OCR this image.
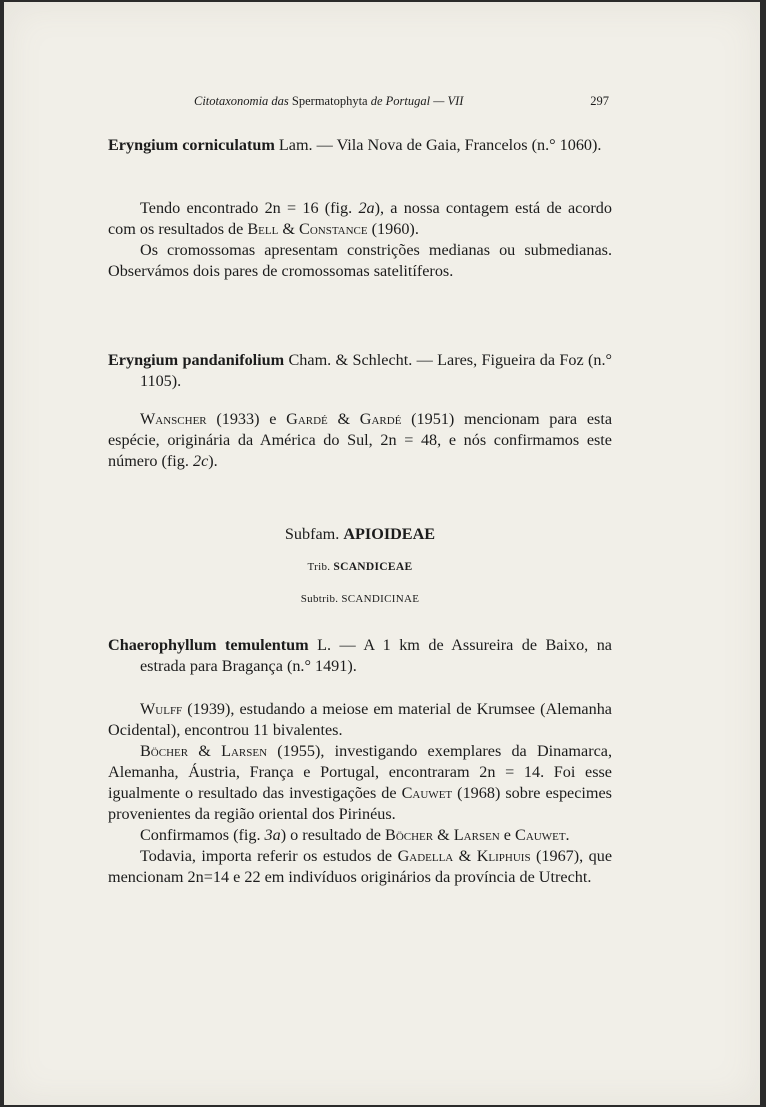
Citotaxonomia das Spermatophyta de Portugal — VII	297

Eryngium corniculatum Lam. — Vila Nova de Gaia, Francelos (n.° 1060).

Tendo encontrado 2n = 16 (fig. 2a), a nossa contagem está de acordo com os resultados de Bell & Constance (1960).

Os cromossomas apresentam constrições medianas ou submedianas. Observámos dois pares de cromossomas satelitíferos.

Eryngium pandanifolium Cham. & Schlecht. — Lares, Figueira da Foz (n.° 1105).

Wanscher (1933) e Gardé & Gardé (1951) mencionam para esta espécie, originária da América do Sul, 2n = 48, e nós confirmamos este número (fig. 2c).

Subfam. APIOIDEAE
Trib. SCANDICEAE
Subtrib. SCANDICINAE

Chaerophyllum temulentum L. — A 1 km de Assureira de Baixo, na estrada para Bragança (n.° 1491).

Wulff (1939), estudando a meiose em material de Krumsee (Alemanha Ocidental), encontrou 11 bivalentes.

Böcher & Larsen (1955), investigando exemplares da Dinamarca, Alemanha, Áustria, França e Portugal, encontraram 2n = 14. Foi esse igualmente o resultado das investigações de Cauwet (1968) sobre especimes provenientes da região oriental dos Pirinéus.

Confirmamos (fig. 3a) o resultado de Böcher & Larsen e Cauwet.

Todavia, importa referir os estudos de Gadella & Kliphuis (1967), que mencionam 2n=14 e 22 em indivíduos originários da província de Utrecht.
